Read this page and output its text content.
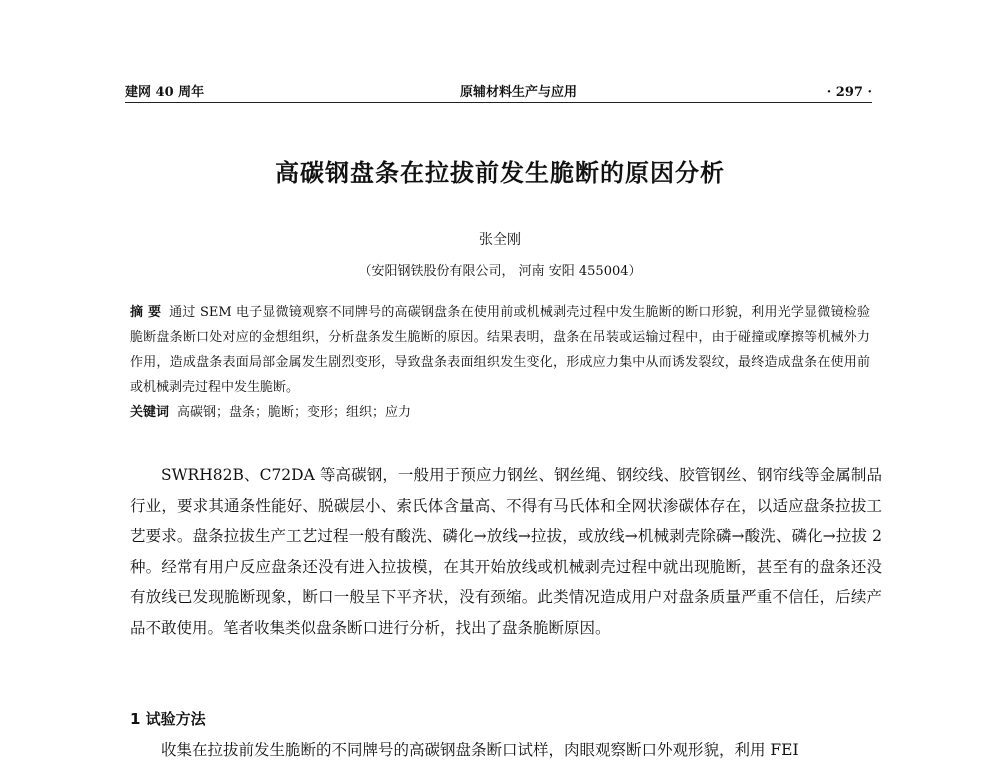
建网 40 周年	原辅材料生产与应用	· 297 ·
高碳钢盘条在拉拔前发生脆断的原因分析
张全刚
（安阳钢铁股份有限公司， 河南 安阳 455004）

摘 要 通过 SEM 电子显微镜观察不同牌号的高碳钢盘条在使用前或机械剥壳过程中发生脆断的断口形貌，利用光学显微镜检验脆断盘条断口处对应的金想组织，分析盘条发生脆断的原因。结果表明，盘条在吊装或运输过程中，由于碰撞或摩擦等机械外力作用，造成盘条表面局部金属发生剧烈变形，导致盘条表面组织发生变化，形成应力集中从而诱发裂纹，最终造成盘条在使用前或机械剥壳过程中发生脆断。

关键词 高碳钢；盘条；脆断；变形；组织；应力

SWRH82B、C72DA 等高碳钢，一般用于预应力钢丝、钢丝绳、钢绞线、胶管钢丝、钢帘线等金属制品行业，要求其通条性能好、脱碳层小、索氏体含量高、不得有马氏体和全网状渗碳体存在，以适应盘条拉拔工艺要求。盘条拉拔生产工艺过程一般有酸洗、磷化→放线→拉拔，或放线→机械剥壳除磷→酸洗、磷化→拉拔 2 种。经常有用户反应盘条还没有进入拉拔模，在其开始放线或机械剥壳过程中就出现脆断，甚至有的盘条还没有放线已发现脆断现象，断口一般呈下平齐状，没有颈缩。此类情况造成用户对盘条质量严重不信任，后续产品不敢使用。笔者收集类似盘条断口进行分析，找出了盘条脆断原因。

1 试验方法

收集在拉拔前发生脆断的不同牌号的高碳钢盘条断口试样，肉眼观察断口外观形貌，利用 FEI
